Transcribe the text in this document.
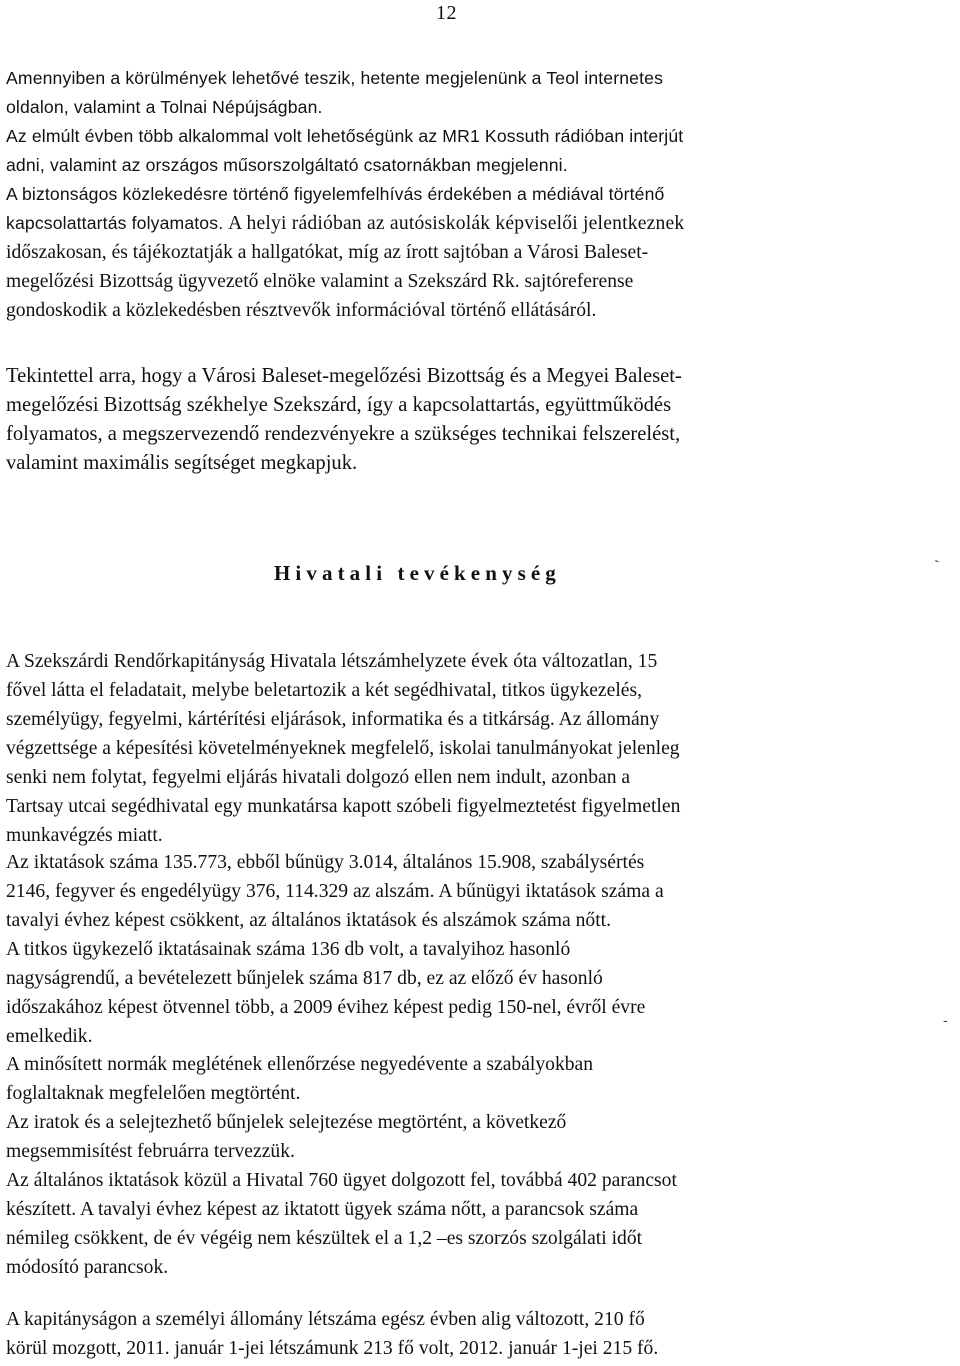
12
Amennyiben a körülmények lehetővé teszik, hetente megjelenünk a Teol internetes
oldalon, valamint a Tolnai Népújságban.
Az elmúlt évben több alkalommal volt lehetőségünk az MR1 Kossuth rádióban interjút
adni, valamint az országos műsorszolgáltató csatornákban megjelenni.
A biztonságos közlekedésre történő figyelemfelhívás érdekében a médiával történő
kapcsolattartás folyamatos. A helyi rádióban az autósiskolák képviselői jelentkeznek
időszakosan, és tájékoztatják a hallgatókat, míg az írott sajtóban a Városi Baleset-
megelőzési Bizottság ügyvezető elnöke valamint a Szekszárd Rk. sajtóreferense
gondoskodik a közlekedésben résztvevők információval történő ellátásáról.
Tekintettel arra, hogy a Városi Baleset-megelőzési Bizottság és a Megyei Baleset-
megelőzési Bizottság székhelye Szekszárd, így a kapcsolattartás, együttműködés
folyamatos, a megszervezendő rendezvényekre a szükséges technikai felszerelést,
valamint maximális segítséget megkapjuk.
Hivatali tevékenység
A Szekszárdi Rendőrkapitányság Hivatala létszámhelyzete évek óta változatlan, 15
fővel látta el feladatait, melybe beletartozik a két segédhivatal, titkos ügykezelés,
személyügy, fegyelmi, kártérítési eljárások, informatika és a titkárság. Az állomány
végzettsége a képesítési követelményeknek megfelelő, iskolai tanulmányokat jelenleg
senki nem folytat, fegyelmi eljárás hivatali dolgozó ellen nem indult, azonban a
Tartsay utcai segédhivatal egy munkatársa kapott szóbeli figyelmeztetést figyelmetlen
munkavégzés miatt.
Az iktatások száma 135.773, ebből bűnügy 3.014, általános 15.908, szabálysértés
2146, fegyver és engedélyügy 376, 114.329 az alszám. A bűnügyi iktatások száma a
tavalyi évhez képest csökkent, az általános iktatások és alszámok száma nőtt.
A titkos ügykezelő iktatásainak száma 136 db volt, a tavalyihoz hasonló
nagyságrendű, a bevételezett bűnjelek száma 817 db, ez az előző év hasonló
időszakához képest ötvennel több, a 2009 évihez képest pedig 150-nel, évről évre
emelkedik.
A minősített normák meglétének ellenőrzése negyedévente a szabályokban
foglaltaknak megfelelően megtörtént.
Az iratok és a selejtezhető bűnjelek selejtezése megtörtént, a következő
megsemmisítést februárra tervezzük.
Az általános iktatások közül a Hivatal 760 ügyet dolgozott fel, továbbá 402 parancsot
készített. A tavalyi évhez képest az iktatott ügyek száma nőtt, a parancsok száma
némileg csökkent, de év végéig nem készültek el a 1,2 –es szorzós szolgálati időt
módosító parancsok.
A kapitányságon a személyi állomány létszáma egész évben alig változott, 210 fő
körül mozgott, 2011. január 1-jei létszámunk 213 fő volt, 2012. január 1-jei 215 fő.
-
-
